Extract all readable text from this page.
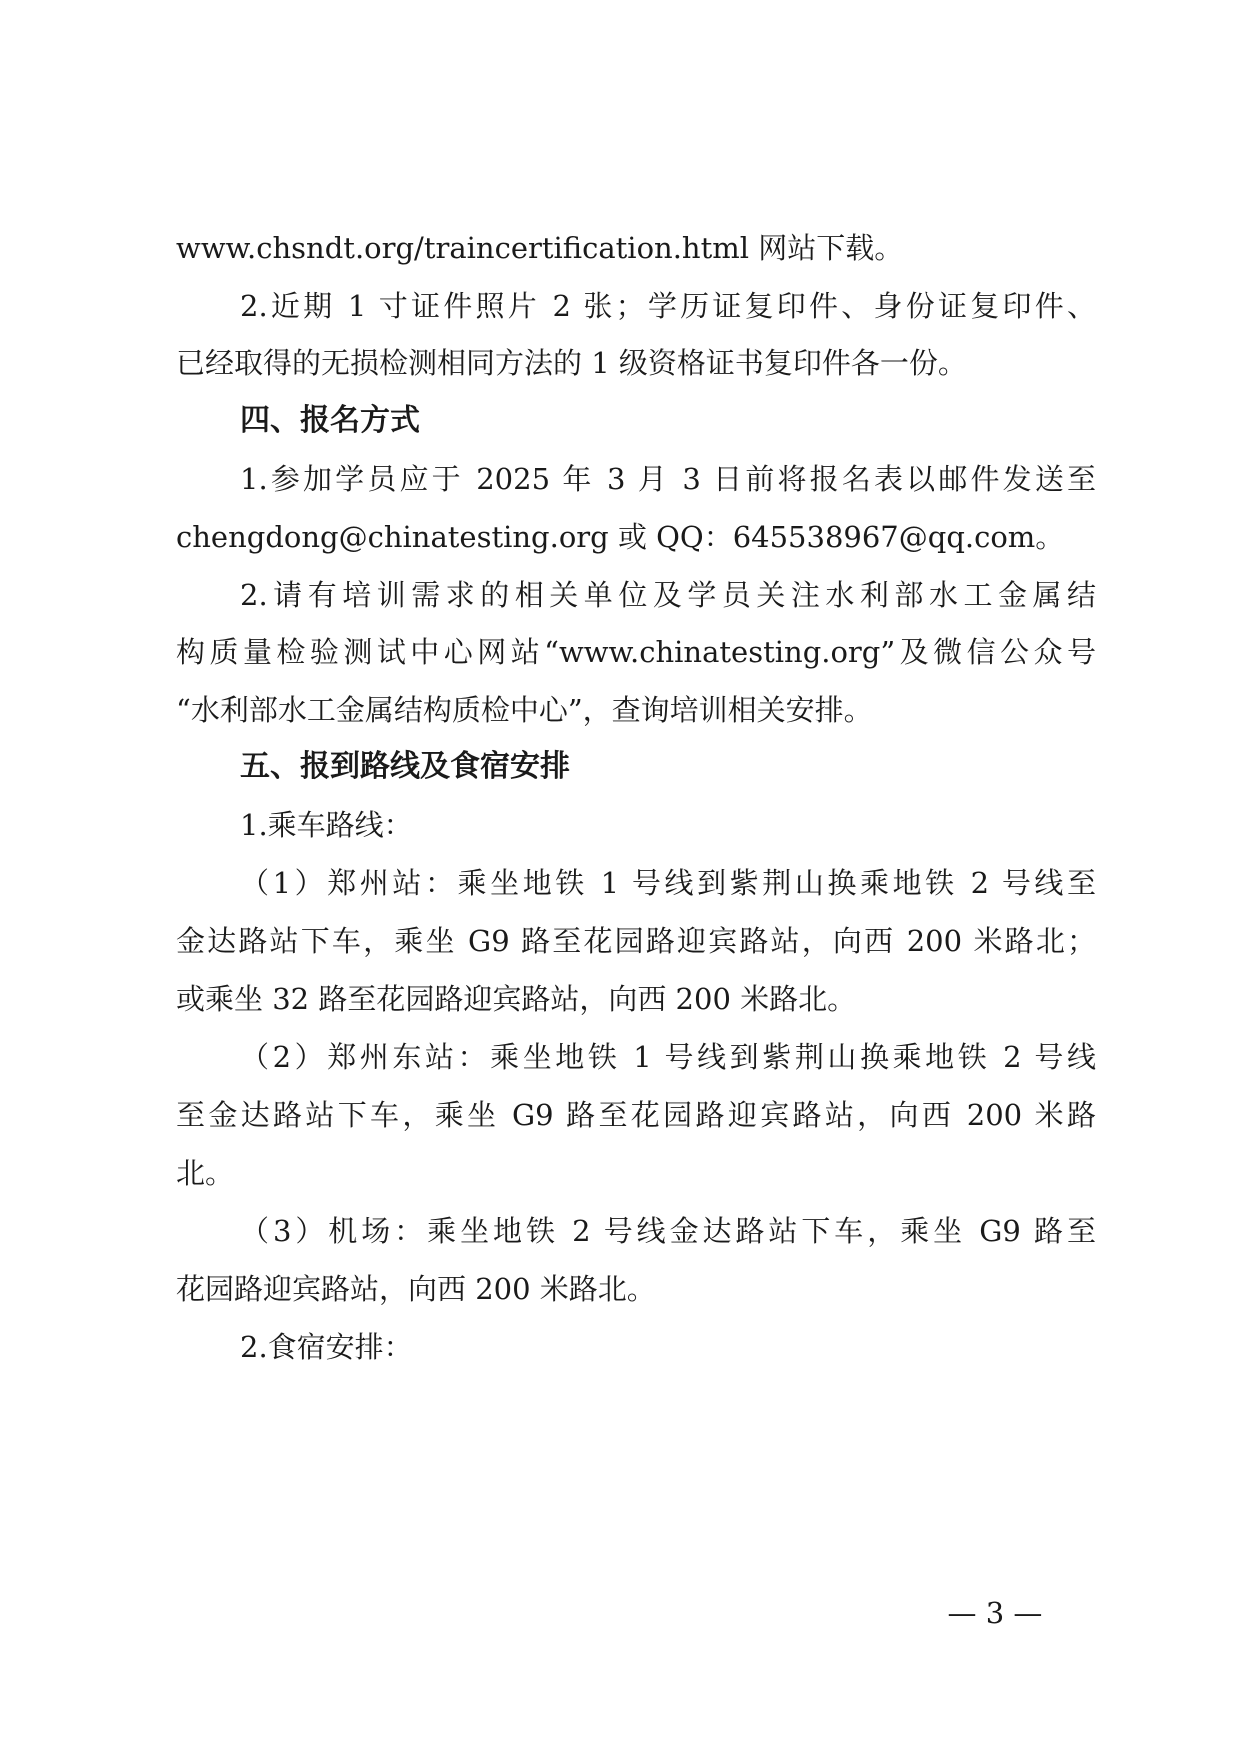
www.chsndt.org/traincertification.html 网站下载。
2.近期 1 寸证件照片 2 张；学历证复印件、身份证复印件、
已经取得的无损检测相同方法的 1 级资格证书复印件各一份。
四、报名方式
1.参加学员应于 2025 年 3 月 3 日前将报名表以邮件发送至
chengdong@chinatesting.org 或 QQ：645538967@qq.com。
2.请有培训需求的相关单位及学员关注水利部水工金属结
构质量检验测试中心网站“www.chinatesting.org”及微信公众号
“水利部水工金属结构质检中心”，查询培训相关安排。
五、报到路线及食宿安排
1.乘车路线：
（1）郑州站：乘坐地铁 1 号线到紫荆山换乘地铁 2 号线至
金达路站下车，乘坐 G9 路至花园路迎宾路站，向西 200 米路北；
或乘坐 32 路至花园路迎宾路站，向西 200 米路北。
（2）郑州东站：乘坐地铁 1 号线到紫荆山换乘地铁 2 号线
至金达路站下车，乘坐 G9 路至花园路迎宾路站，向西 200 米路
北。
（3）机场：乘坐地铁 2 号线金达路站下车，乘坐 G9 路至
花园路迎宾路站，向西 200 米路北。
2.食宿安排：
— 3 —
